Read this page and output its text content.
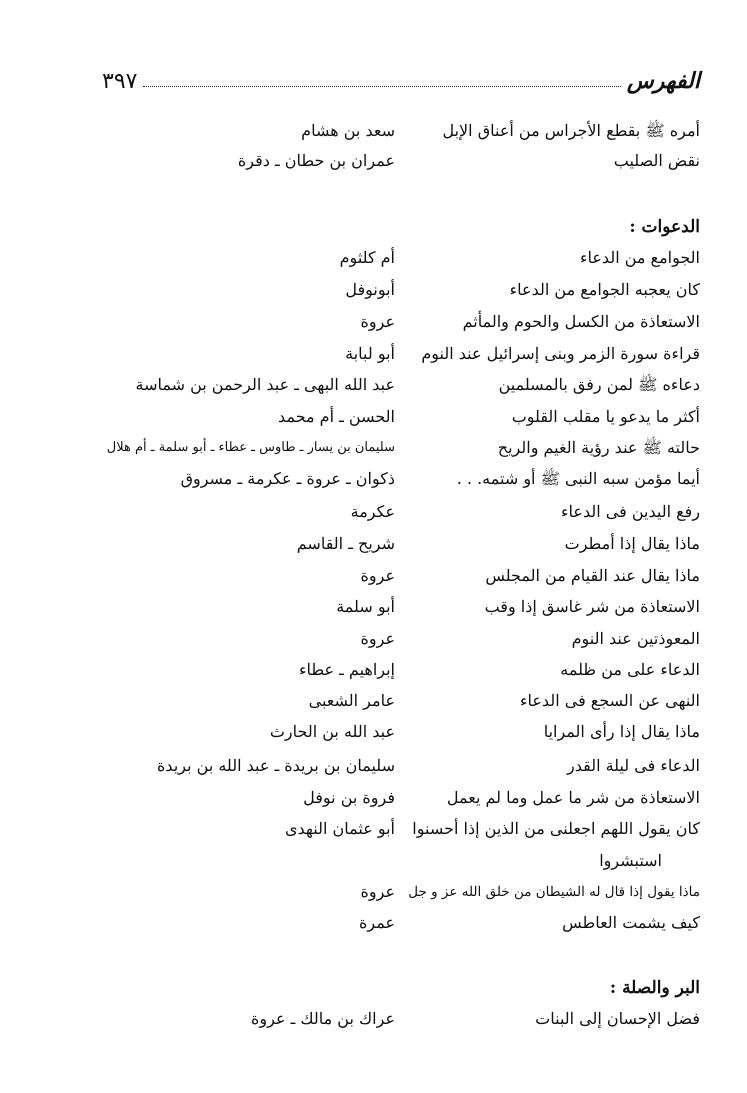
الفهرس
٣٩٧
أمره ﷺ بقطع الأجراس من أعناق الإبل
سعد بن هشام
نقض الصليب
عمران بن حطان ـ دقرة
الدعوات :
الجوامع من الدعاء
أم كلثوم
كان يعجبه الجوامع من الدعاء
أبونوفل
الاستعاذة من الكسل والحوم والمأثم
عروة
قراءة سورة الزمر وبنى إسرائيل عند النوم
أبو لبابة
دعاءه ﷺ لمن رفق بالمسلمين
عبد الله البهى ـ عبد الرحمن بن شماسة
أكثر ما يدعو يا مقلب القلوب
الحسن ـ أم محمد
حالته ﷺ عند رؤية الغيم والريح
سليمان بن يسار ـ طاوس ـ عطاء ـ أبو سلمة ـ أم هلال
أيما مؤمن سبه النبى ﷺ أو شتمه. . .
ذكوان ـ عروة ـ عكرمة ـ مسروق
رفع اليدين فى الدعاء
عكرمة
ماذا يقال إذا أمطرت
شريح ـ القاسم
ماذا يقال عند القيام من المجلس
عروة
الاستعاذة من شر غاسق إذا وقب
أبو سلمة
المعوذتين عند النوم
عروة
الدعاء على من ظلمه
إبراهيم ـ عطاء
النهى عن السجع فى الدعاء
عامر الشعبى
ماذا يقال إذا رأى المرايا
عبد الله بن الحارث
الدعاء فى ليلة القدر
سليمان بن بريدة ـ عبد الله بن بريدة
الاستعاذة من شر ما عمل وما لم يعمل
فروة بن نوفل
كان يقول اللهم اجعلنى من الذين إذا أحسنوا
أبو عثمان النهدى
استبشروا
ماذا يقول إذا قال له الشيطان من خلق الله عز و جل
عروة
كيف يشمت العاطس
عمرة
البر والصلة :
فضل الإحسان إلى البنات
عراك بن مالك ـ عروة
